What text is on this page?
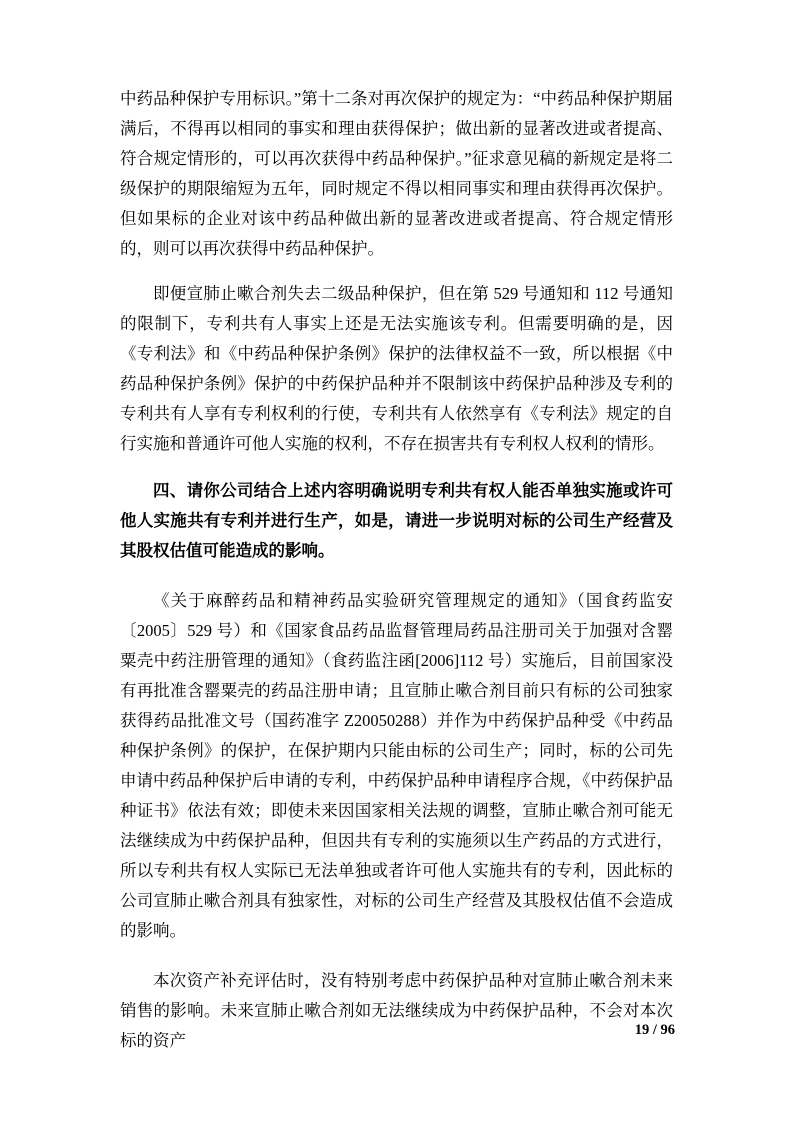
中药品种保护专用标识。”第十二条对再次保护的规定为：“中药品种保护期届满后，不得再以相同的事实和理由获得保护；做出新的显著改进或者提高、符合规定情形的，可以再次获得中药品种保护。”征求意见稿的新规定是将二级保护的期限缩短为五年，同时规定不得以相同事实和理由获得再次保护。但如果标的企业对该中药品种做出新的显著改进或者提高、符合规定情形的，则可以再次获得中药品种保护。

即便宣肺止嗽合剂失去二级品种保护，但在第 529 号通知和 112 号通知的限制下，专利共有人事实上还是无法实施该专利。但需要明确的是，因《专利法》和《中药品种保护条例》保护的法律权益不一致，所以根据《中药品种保护条例》保护的中药保护品种并不限制该中药保护品种涉及专利的专利共有人享有专利权利的行使，专利共有人依然享有《专利法》规定的自行实施和普通许可他人实施的权利，不存在损害共有专利权人权利的情形。

四、请你公司结合上述内容明确说明专利共有权人能否单独实施或许可他人实施共有专利并进行生产，如是，请进一步说明对标的公司生产经营及其股权估值可能造成的影响。

《关于麻醉药品和精神药品实验研究管理规定的通知》（国食药监安〔2005〕529 号）和《国家食品药品监督管理局药品注册司关于加强对含罂粟壳中药注册管理的通知》（食药监注函[2006]112 号）实施后，目前国家没有再批准含罂粟壳的药品注册申请；且宣肺止嗽合剂目前只有标的公司独家获得药品批准文号（国药准字 Z20050288）并作为中药保护品种受《中药品种保护条例》的保护，在保护期内只能由标的公司生产；同时，标的公司先申请中药品种保护后申请的专利，中药保护品种申请程序合规，《中药保护品种证书》依法有效；即使未来因国家相关法规的调整，宣肺止嗽合剂可能无法继续成为中药保护品种，但因共有专利的实施须以生产药品的方式进行，所以专利共有权人实际已无法单独或者许可他人实施共有的专利，因此标的公司宣肺止嗽合剂具有独家性，对标的公司生产经营及其股权估值不会造成的影响。

本次资产补充评估时，没有特别考虑中药保护品种对宣肺止嗽合剂未来销售的影响。未来宣肺止嗽合剂如无法继续成为中药保护品种，不会对本次标的资产

19 / 96
